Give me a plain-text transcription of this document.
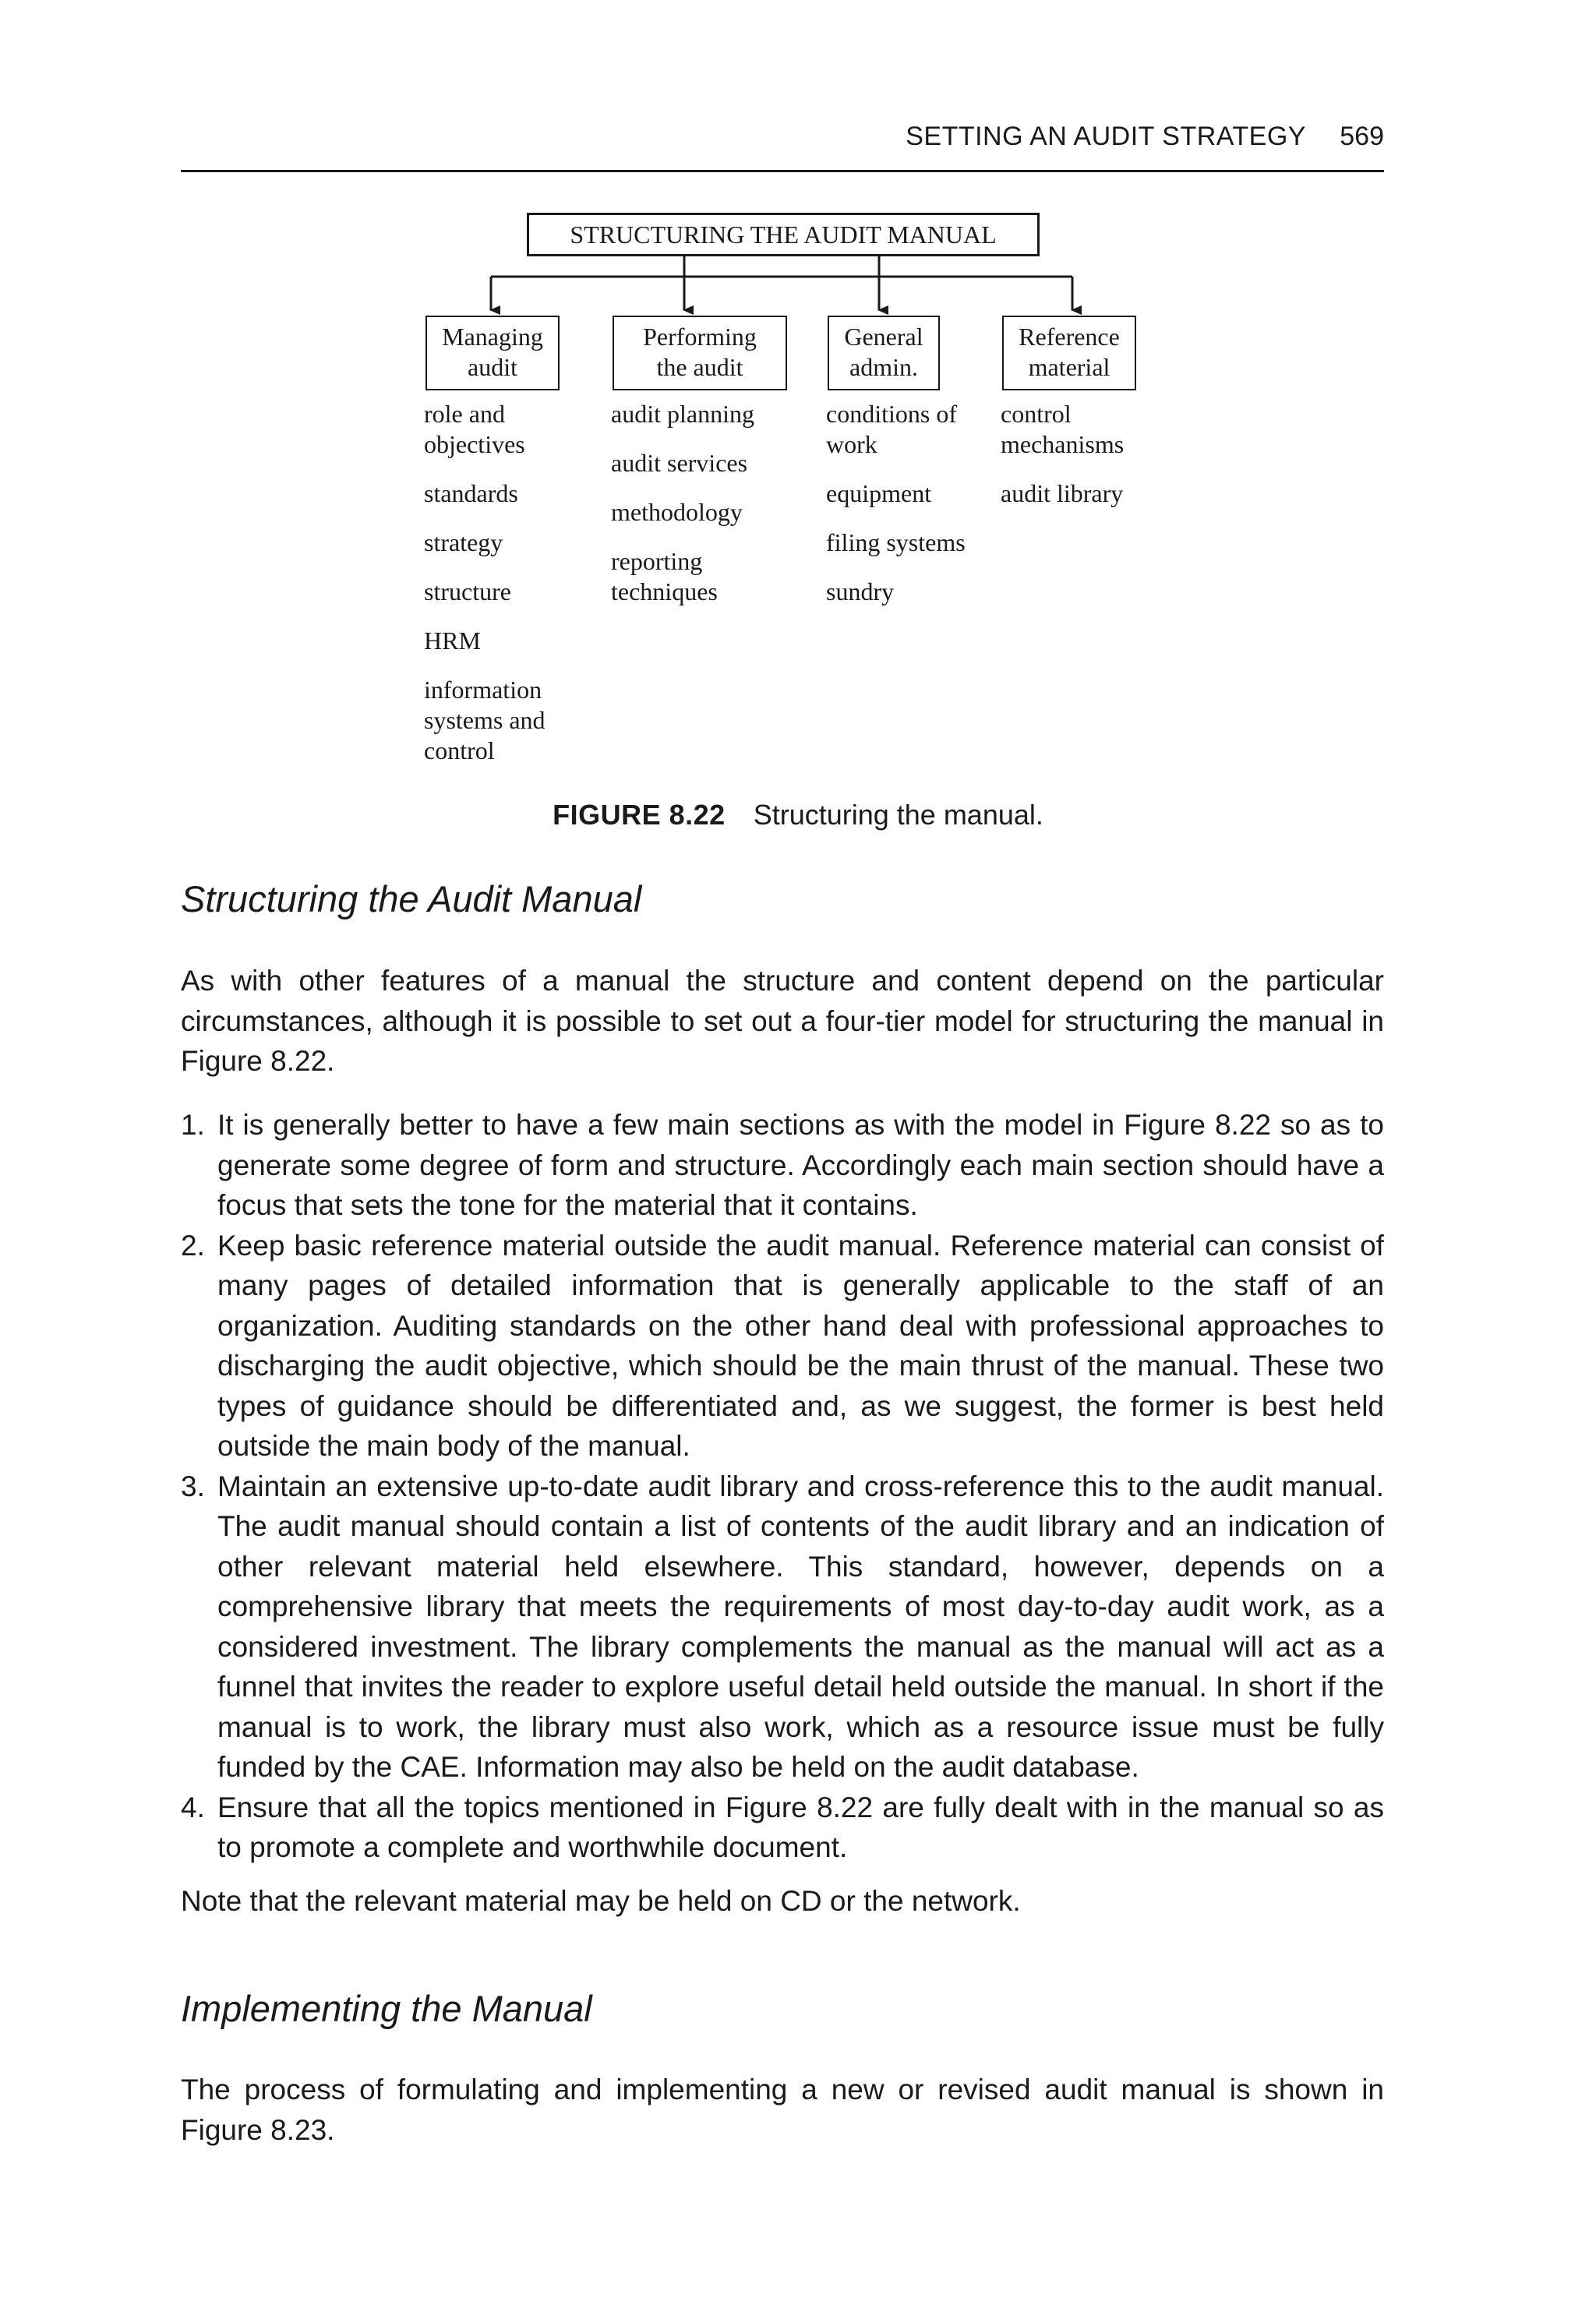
SETTING AN AUDIT STRATEGY 569
STRUCTURING THE AUDIT MANUAL
Managing
audit
Performing
the audit
General
admin.
Reference
material
role and objectives
standards
strategy
structure
HRM
information systems and control
audit planning
audit services
methodology
reporting techniques
conditions of work
equipment
filing systems
sundry
control mechanisms
audit library
FIGURE 8.22 Structuring the manual.
Structuring the Audit Manual

As with other features of a manual the structure and content depend on the particular circumstances, although it is possible to set out a four-tier model for structuring the manual in Figure 8.22.

1. It is generally better to have a few main sections as with the model in Figure 8.22 so as to generate some degree of form and structure. Accordingly each main section should have a focus that sets the tone for the material that it contains.
2. Keep basic reference material outside the audit manual. Reference material can consist of many pages of detailed information that is generally applicable to the staff of an organization. Auditing standards on the other hand deal with professional approaches to discharging the audit objective, which should be the main thrust of the manual. These two types of guidance should be differentiated and, as we suggest, the former is best held outside the main body of the manual.
3. Maintain an extensive up-to-date audit library and cross-reference this to the audit manual. The audit manual should contain a list of contents of the audit library and an indication of other relevant material held elsewhere. This standard, however, depends on a comprehensive library that meets the requirements of most day-to-day audit work, as a considered investment. The library complements the manual as the manual will act as a funnel that invites the reader to explore useful detail held outside the manual. In short if the manual is to work, the library must also work, which as a resource issue must be fully funded by the CAE. Information may also be held on the audit database.
4. Ensure that all the topics mentioned in Figure 8.22 are fully dealt with in the manual so as to promote a complete and worthwhile document.

Note that the relevant material may be held on CD or the network.

Implementing the Manual

The process of formulating and implementing a new or revised audit manual is shown in Figure 8.23.
